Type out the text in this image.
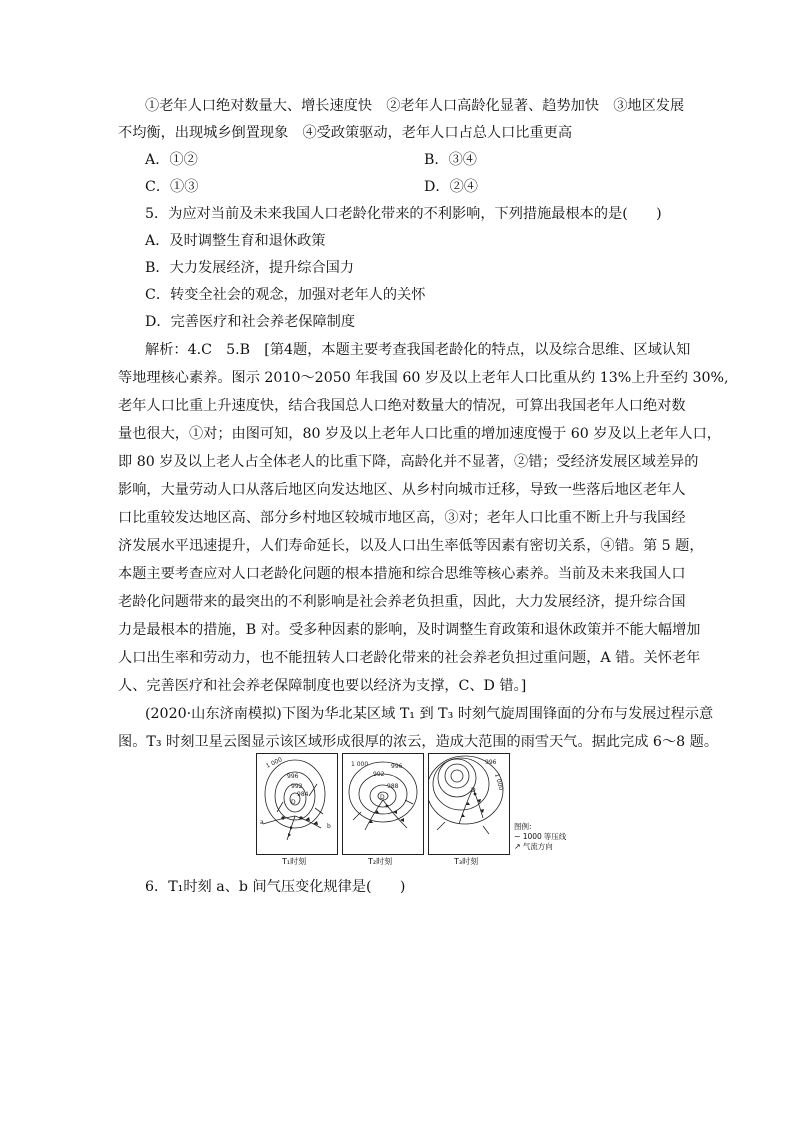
①老年人口绝对数量大、增长速度快　②老年人口高龄化显著、趋势加快　③地区发展
不均衡，出现城乡倒置现象　④受政策驱动，老年人口占总人口比重更高
A．①②	B．③④
C．①③	D．②④
5．为应对当前及未来我国人口老龄化带来的不利影响，下列措施最根本的是(　　)
A．及时调整生育和退休政策
B．大力发展经济，提升综合国力
C．转变全社会的观念，加强对老年人的关怀
D．完善医疗和社会养老保障制度
解析：4.C　5.B　[第4题，本题主要考查我国老龄化的特点，以及综合思维、区域认知
等地理核心素养。图示 2010～2050 年我国 60 岁及以上老年人口比重从约 13%上升至约 30%,
老年人口比重上升速度快，结合我国总人口绝对数量大的情况，可算出我国老年人口绝对数
量也很大，①对；由图可知，80 岁及以上老年人口比重的增加速度慢于 60 岁及以上老年人口，
即 80 岁及以上老人占全体老人的比重下降，高龄化并不显著，②错；受经济发展区域差异的
影响，大量劳动人口从落后地区向发达地区、从乡村向城市迁移，导致一些落后地区老年人
口比重较发达地区高、部分乡村地区较城市地区高，③对；老年人口比重不断上升与我国经
济发展水平迅速提升，人们寿命延长，以及人口出生率低等因素有密切关系，④错。第 5 题，
本题主要考查应对人口老龄化问题的根本措施和综合思维等核心素养。当前及未来我国人口
老龄化问题带来的最突出的不利影响是社会养老负担重，因此，大力发展经济，提升综合国
力是最根本的措施，B 对。受多种因素的影响，及时调整生育政策和退休政策并不能大幅增加
人口出生率和劳动力，也不能扭转人口老龄化带来的社会养老负担过重问题，A 错。关怀老年
人、完善医疗和社会养老保障制度也要以经济为支撑，C、D 错。]
(2020·山东济南模拟)下图为华北某区域 T₁ 到 T₃ 时刻气旋周围锋面的分布与发展过程示意
图。T₃ 时刻卫星云图显示该区域形成很厚的浓云，造成大范围的雨雪天气。据此完成 6～8 题。
1 000
996
992
984
D
a
b
1 000	996
992
988
D
996
1 000
D
T₁时刻	T₂时刻	T₃时刻
图例:
~ 1000 等压线
↗ 气流方向
6．T₁时刻 a、b 间气压变化规律是(　　)
